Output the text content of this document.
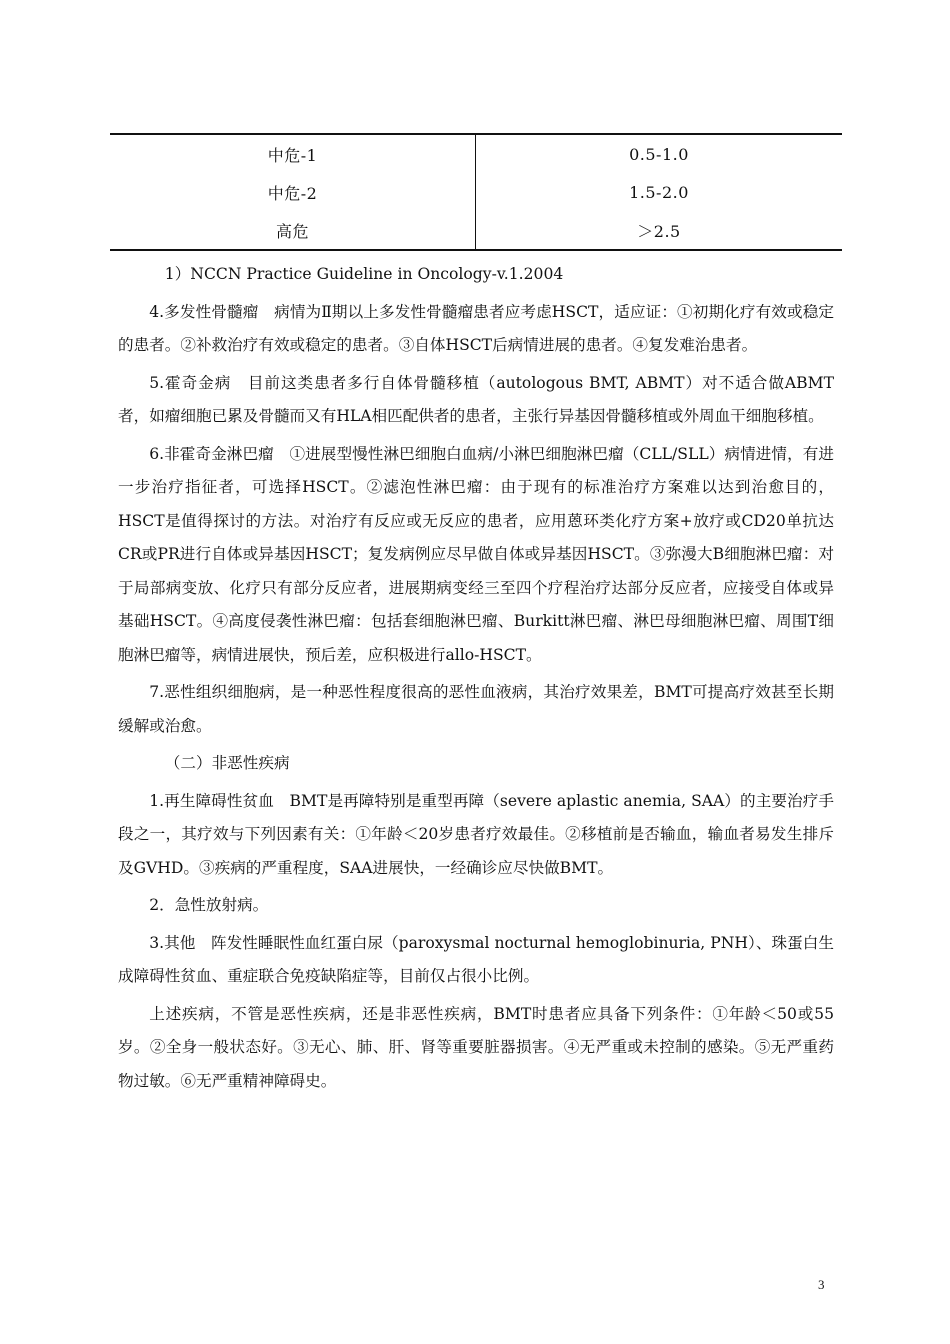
中危-1	0.5-1.0
中危-2	1.5-2.0
高危	＞2.5

1）NCCN Practice Guideline in Oncology-v.1.2004

4.多发性骨髓瘤　病情为Ⅱ期以上多发性骨髓瘤患者应考虑HSCT，适应证：①初期化疗有效或稳定的患者。②补救治疗有效或稳定的患者。③自体HSCT后病情进展的患者。④复发难治患者。

5.霍奇金病　目前这类患者多行自体骨髓移植（autologous BMT, ABMT）对不适合做ABMT者，如瘤细胞已累及骨髓而又有HLA相匹配供者的患者，主张行异基因骨髓移植或外周血干细胞移植。

6.非霍奇金淋巴瘤　①进展型慢性淋巴细胞白血病/小淋巴细胞淋巴瘤（CLL/SLL）病情进情，有进一步治疗指征者，可选择HSCT。②滤泡性淋巴瘤：由于现有的标准治疗方案难以达到治愈目的，HSCT是值得探讨的方法。对治疗有反应或无反应的患者，应用蒽环类化疗方案+放疗或CD20单抗达CR或PR进行自体或异基因HSCT；复发病例应尽早做自体或异基因HSCT。③弥漫大B细胞淋巴瘤：对于局部病变放、化疗只有部分反应者，进展期病变经三至四个疗程治疗达部分反应者，应接受自体或异基础HSCT。④高度侵袭性淋巴瘤：包括套细胞淋巴瘤、Burkitt淋巴瘤、淋巴母细胞淋巴瘤、周围T细胞淋巴瘤等，病情进展快，预后差，应积极进行allo-HSCT。

7.恶性组织细胞病，是一种恶性程度很高的恶性血液病，其治疗效果差，BMT可提高疗效甚至长期缓解或治愈。

（二）非恶性疾病

1.再生障碍性贫血　BMT是再障特别是重型再障（severe aplastic anemia, SAA）的主要治疗手段之一，其疗效与下列因素有关：①年龄＜20岁患者疗效最佳。②移植前是否输血，输血者易发生排斥及GVHD。③疾病的严重程度，SAA进展快，一经确诊应尽快做BMT。

2．急性放射病。

3.其他　阵发性睡眠性血红蛋白尿（paroxysmal nocturnal hemoglobinuria, PNH）、珠蛋白生成障碍性贫血、重症联合免疫缺陷症等，目前仅占很小比例。

上述疾病，不管是恶性疾病，还是非恶性疾病，BMT时患者应具备下列条件：①年龄＜50或55岁。②全身一般状态好。③无心、肺、肝、肾等重要脏器损害。④无严重或未控制的感染。⑤无严重药物过敏。⑥无严重精神障碍史。

3
